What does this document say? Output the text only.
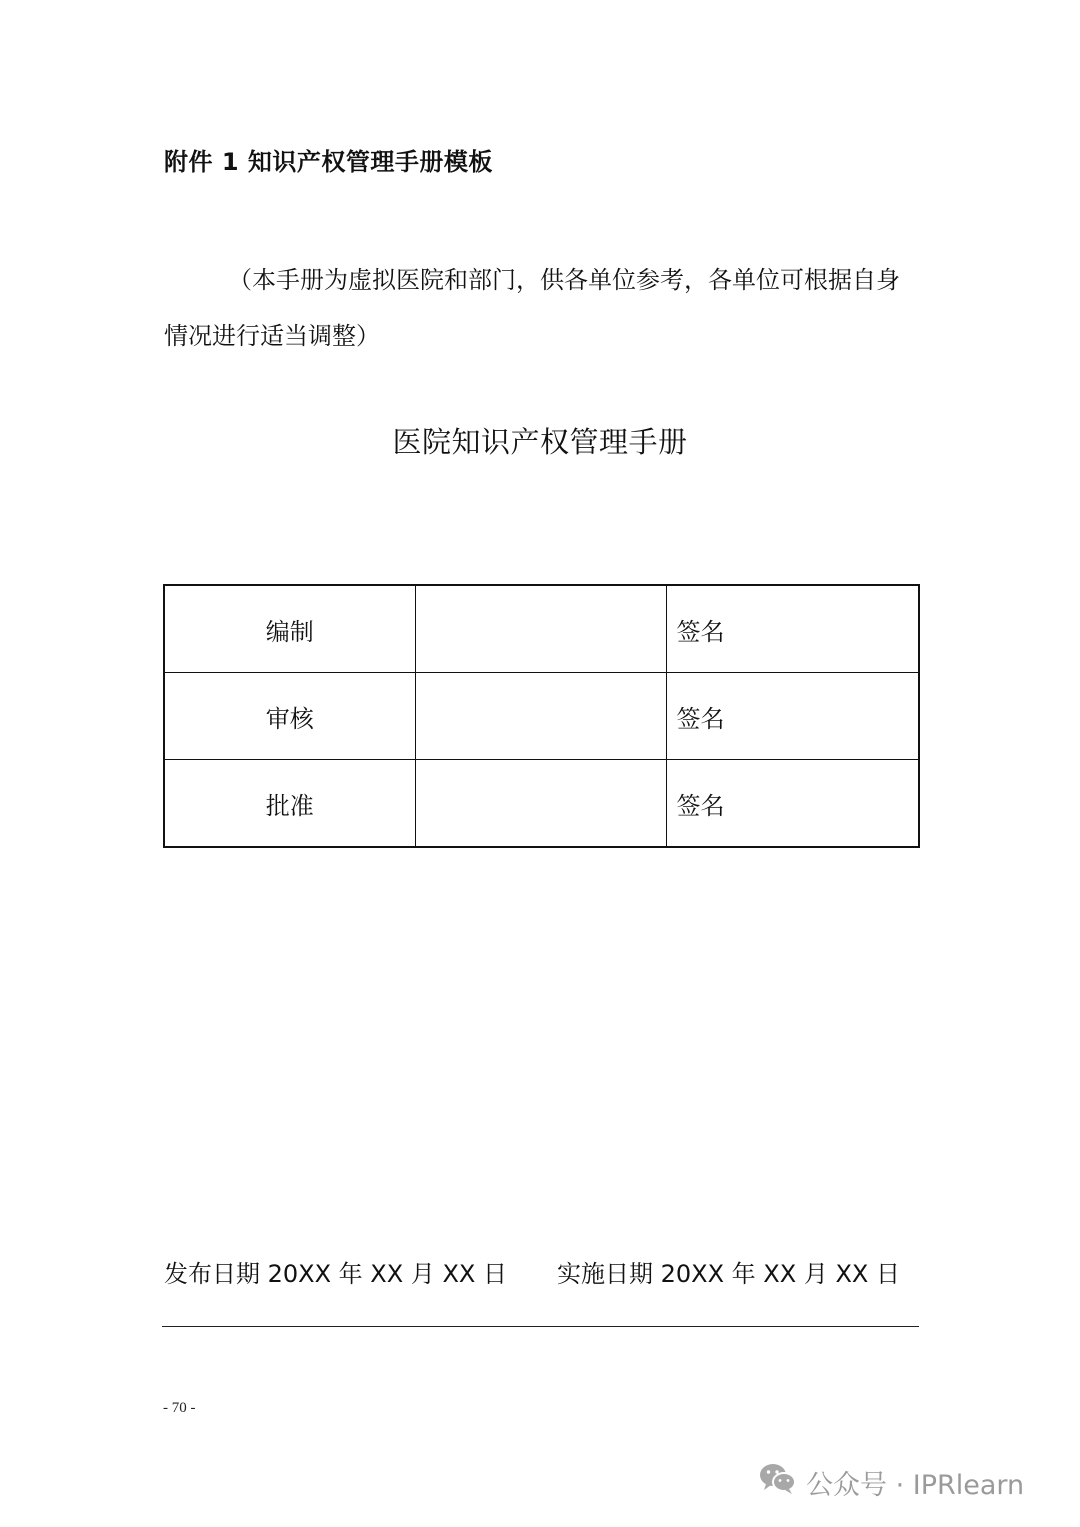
附件 1 知识产权管理手册模板

（本手册为虚拟医院和部门，供各单位参考，各单位可根据自身情况进行适当调整）

医院知识产权管理手册
编制		签名
审核		签名
批准		签名
发布日期 20XX 年 XX 月 XX 日 实施日期 20XX 年 XX 月 XX 日
- 70 -
公众号 · IPRlearn
